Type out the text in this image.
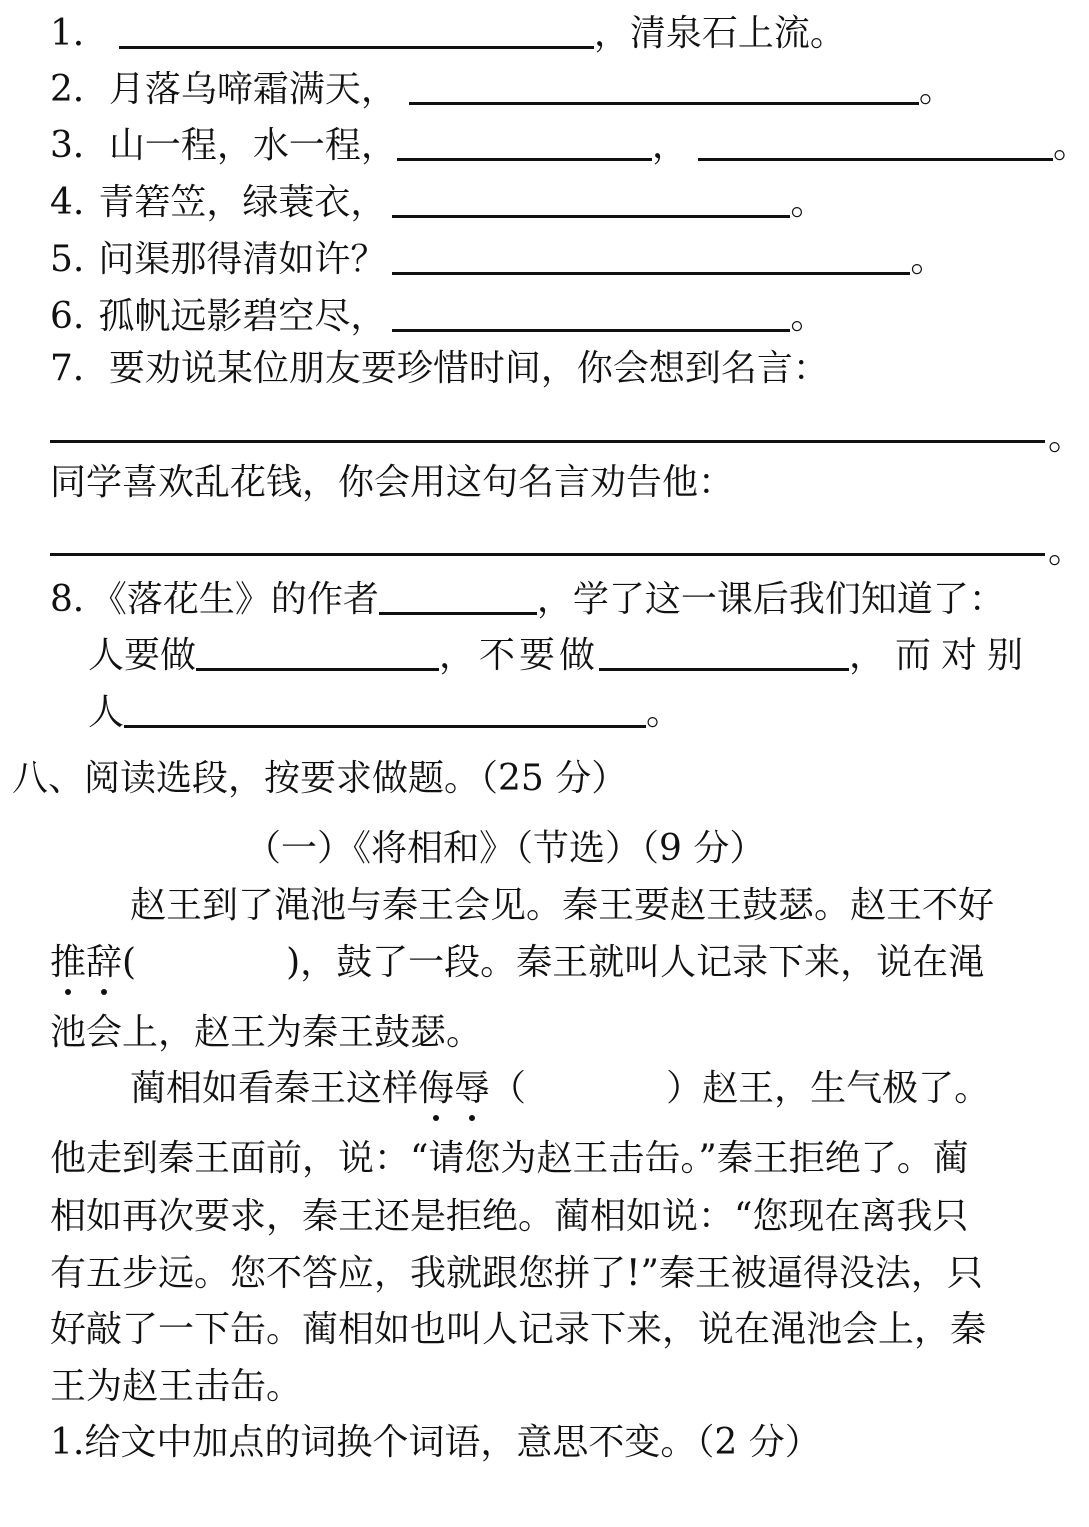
1．	，清泉石上流。
2．月落乌啼霜满天，	。
3．山一程，水一程，	，	。
4. 青箬笠，绿蓑衣，	。
5. 问渠那得清如许？	。
6. 孤帆远影碧空尽，	。
7．要劝说某位朋友要珍惜时间，你会想到名言：
。
同学喜欢乱花钱，你会用这句名言劝告他：
。
8．《落花生》的作者	，学了这一课后我们知道了：
人要做	，不要做	，而对别
人	。
八、阅读选段，按要求做题。（25 分）
（一）《将相和》（节选）（9 分）
赵王到了渑池与秦王会见。秦王要赵王鼓瑟。赵王不好
推
辞
(	)，鼓了一段。秦王就叫人记录下来，说在渑
池会上，赵王为秦王鼓瑟。
蔺相如看秦王这样侮
辱
（	）赵王，生气极了。
他走到秦王面前，说：“请您为赵王击缶。”秦王拒绝了。蔺
相如再次要求，秦王还是拒绝。蔺相如说：“您现在离我只
有五步远。您不答应，我就跟您拼了!”秦王被逼得没法，只
好敲了一下缶。蔺相如也叫人记录下来，说在渑池会上，秦
王为赵王击缶。
1.给文中加点的词换个词语，意思不变。（2 分）
